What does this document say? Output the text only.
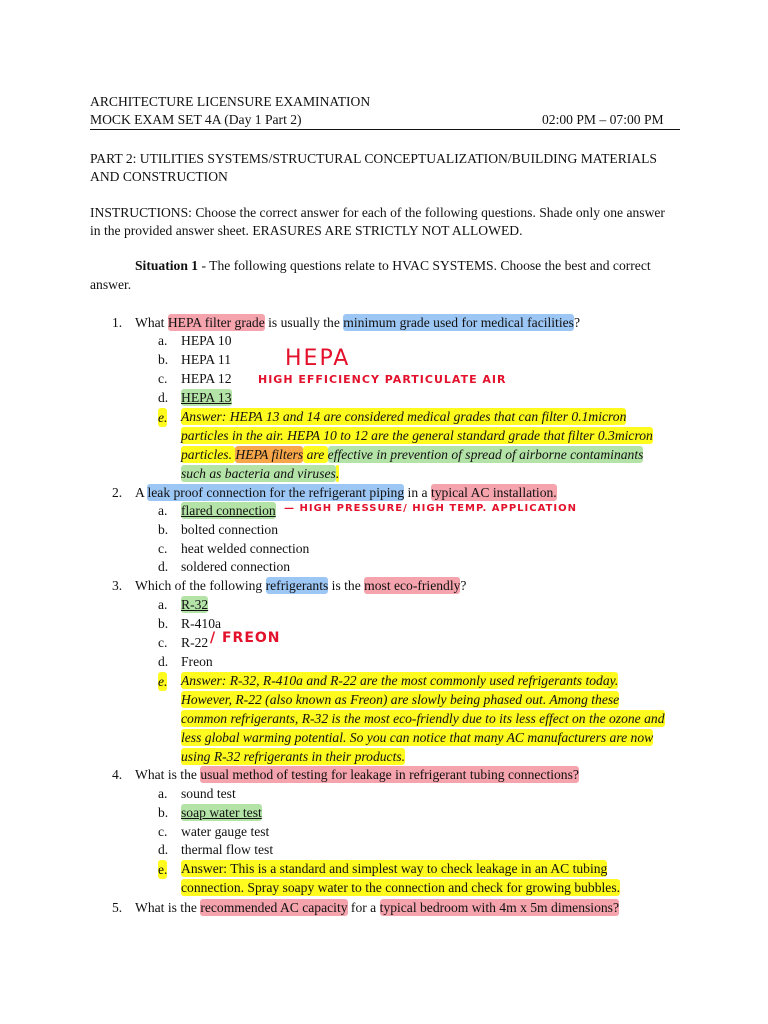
ARCHITECTURE LICENSURE EXAMINATION
MOCK EXAM SET 4A (Day 1 Part 2)	02:00 PM – 07:00 PM
PART 2: UTILITIES SYSTEMS/STRUCTURAL CONCEPTUALIZATION/BUILDING MATERIALS
AND CONSTRUCTION
INSTRUCTIONS: Choose the correct answer for each of the following questions. Shade only one answer
in the provided answer sheet. ERASURES ARE STRICTLY NOT ALLOWED.
Situation 1 - The following questions relate to HVAC SYSTEMS. Choose the best and correct
answer.
1. What HEPA filter grade is usually the minimum grade used for medical facilities?
a. HEPA 10
b. HEPA 11
c. HEPA 12
d. HEPA 13
e. Answer: HEPA 13 and 14 are considered medical grades that can filter 0.1micron
particles in the air. HEPA 10 to 12 are the general standard grade that filter 0.3micron
particles. HEPA filters are effective in prevention of spread of airborne contaminants
such as bacteria and viruses.
HEPA
HIGH EFFICIENCY PARTICULATE AIR
2. A leak proof connection for the refrigerant piping in a typical AC installation.
a. flared connection — HIGH PRESSURE/ HIGH TEMP. APPLICATION
b. bolted connection
c. heat welded connection
d. soldered connection
3. Which of the following refrigerants is the most eco-friendly?
a. R-32
b. R-410a
c. R-22 / FREON
d. Freon
e. Answer: R-32, R-410a and R-22 are the most commonly used refrigerants today.
However, R-22 (also known as Freon) are slowly being phased out. Among these
common refrigerants, R-32 is the most eco-friendly due to its less effect on the ozone and
less global warming potential. So you can notice that many AC manufacturers are now
using R-32 refrigerants in their products.
4. What is the usual method of testing for leakage in refrigerant tubing connections?
a. sound test
b. soap water test
c. water gauge test
d. thermal flow test
e. Answer: This is a standard and simplest way to check leakage in an AC tubing
connection. Spray soapy water to the connection and check for growing bubbles.
5. What is the recommended AC capacity for a typical bedroom with 4m x 5m dimensions?
